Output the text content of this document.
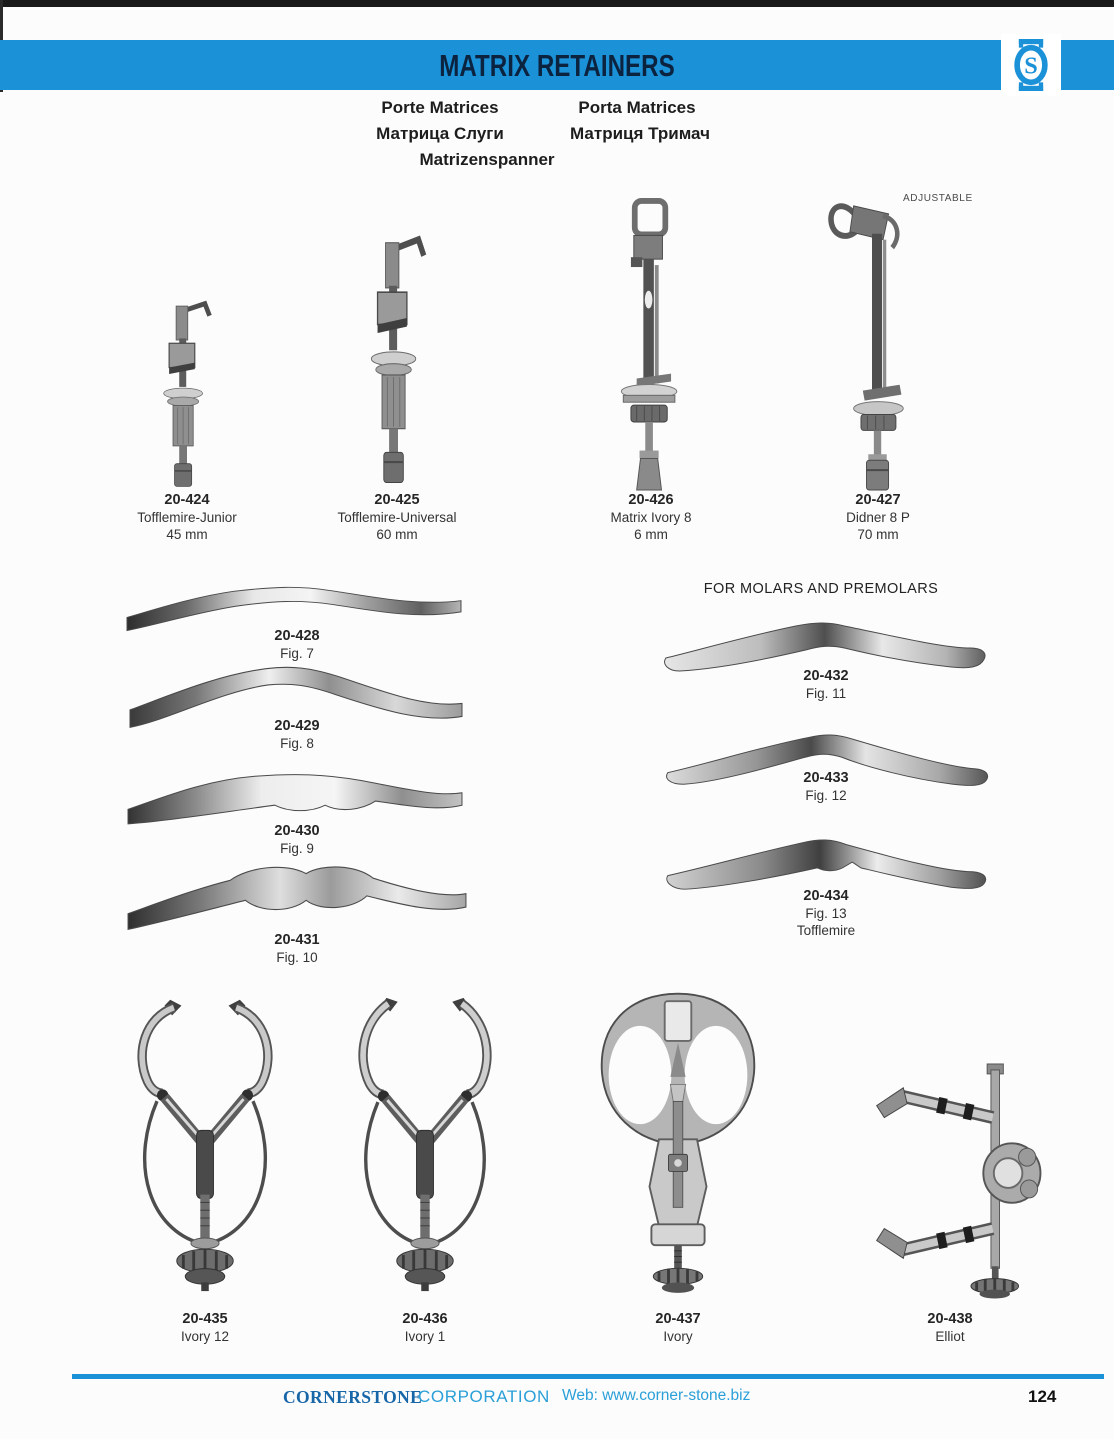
MATRIX RETAINERS	S
Porte Matrices	Porta Matrices
Матрица Слуги	Матриця Тримач
Matrizenspanner
ADJUSTABLE
20-424
Tofflemire-Junior
45 mm
20-425
Tofflemire-Universal
60 mm
20-426
Matrix Ivory 8
6 mm
20-427
Didner 8 P
70 mm
20-428
Fig. 7
20-429
Fig. 8
20-430
Fig. 9
20-431
Fig. 10
FOR MOLARS AND PREMOLARS
20-432
Fig. 11
20-433
Fig. 12
20-434
Fig. 13
Tofflemire
20-435
Ivory 12
20-436
Ivory 1
20-437
Ivory
20-438
Elliot
CORNERSTONE
CORPORATION Web: www.corner-stone.biz	124
